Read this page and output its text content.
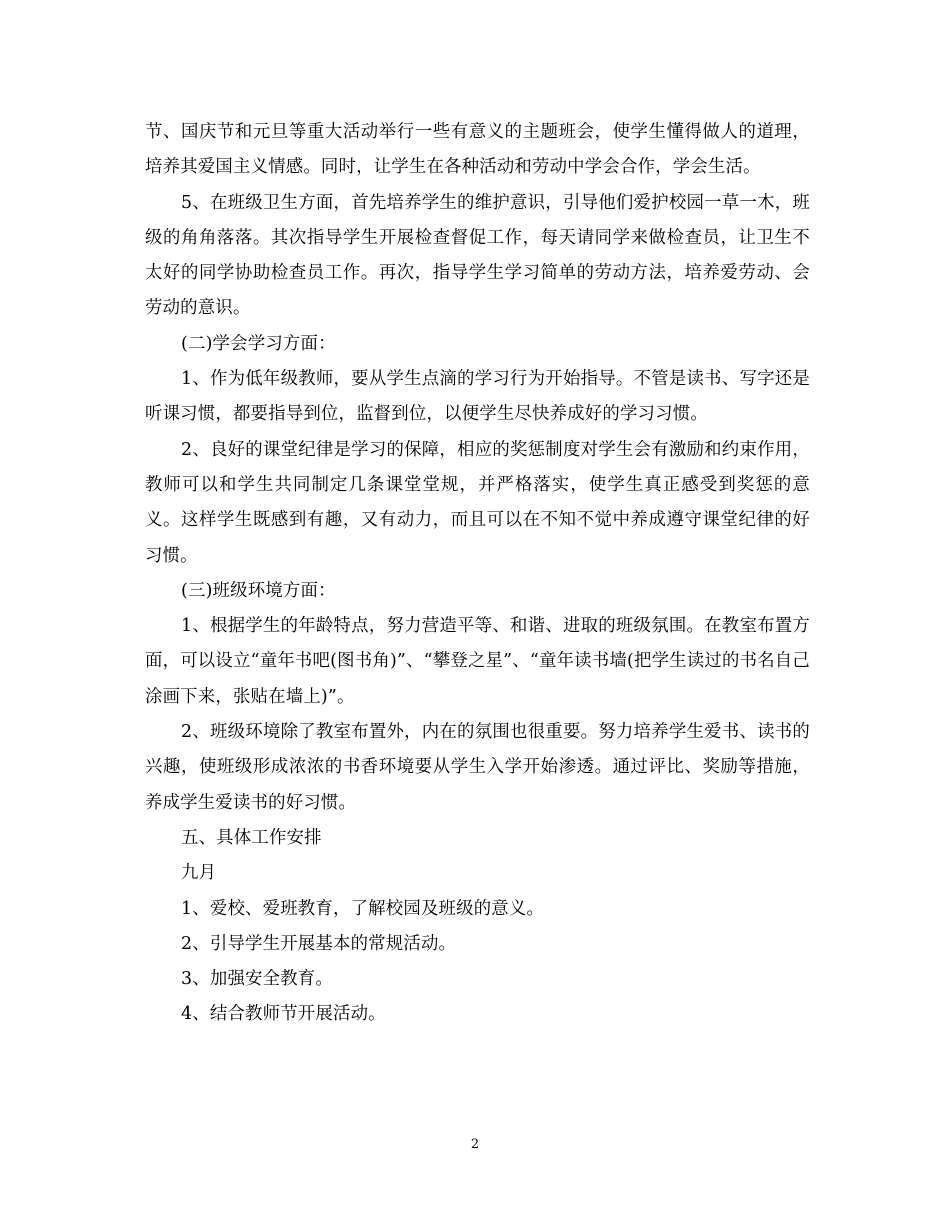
节、国庆节和元旦等重大活动举行一些有意义的主题班会，使学生懂得做人的道理，培养其爱国主义情感。同时，让学生在各种活动和劳动中学会合作，学会生活。

5、在班级卫生方面，首先培养学生的维护意识，引导他们爱护校园一草一木，班级的角角落落。其次指导学生开展检查督促工作，每天请同学来做检查员，让卫生不太好的同学协助检查员工作。再次，指导学生学习简单的劳动方法，培养爱劳动、会劳动的意识。

(二)学会学习方面：

1、作为低年级教师，要从学生点滴的学习行为开始指导。不管是读书、写字还是听课习惯，都要指导到位，监督到位，以便学生尽快养成好的学习习惯。

2、良好的课堂纪律是学习的保障，相应的奖惩制度对学生会有激励和约束作用，教师可以和学生共同制定几条课堂堂规，并严格落实，使学生真正感受到奖惩的意义。这样学生既感到有趣，又有动力，而且可以在不知不觉中养成遵守课堂纪律的好习惯。

(三)班级环境方面：

1、根据学生的年龄特点，努力营造平等、和谐、进取的班级氛围。在教室布置方面，可以设立“童年书吧(图书角)”、“攀登之星”、“童年读书墙(把学生读过的书名自己涂画下来，张贴在墙上)”。

2、班级环境除了教室布置外，内在的氛围也很重要。努力培养学生爱书、读书的兴趣，使班级形成浓浓的书香环境要从学生入学开始渗透。通过评比、奖励等措施，养成学生爱读书的好习惯。

五、具体工作安排

九月

1、爱校、爱班教育，了解校园及班级的意义。

2、引导学生开展基本的常规活动。

3、加强安全教育。

4、结合教师节开展活动。

2
